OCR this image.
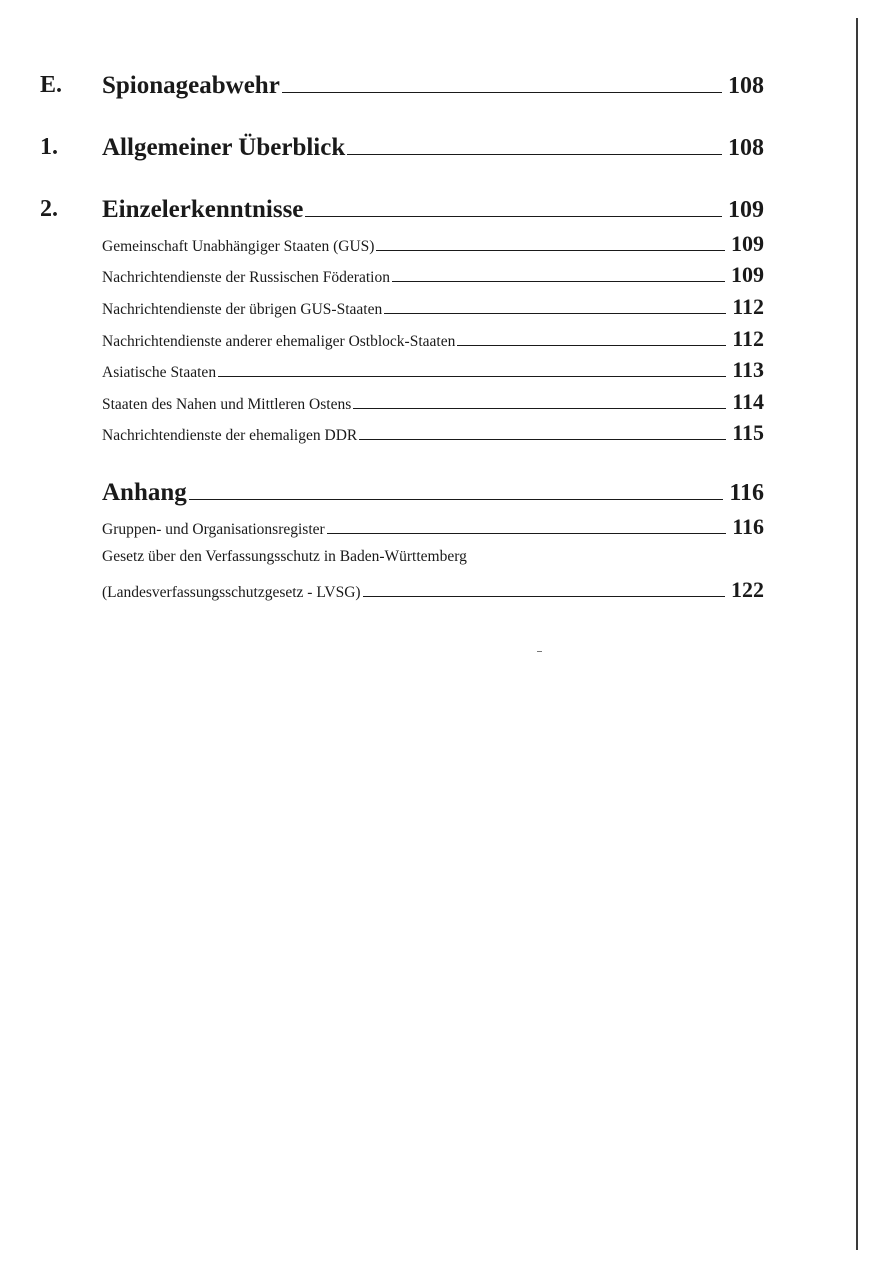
E. Spionageabwehr	108
1. Allgemeiner Überblick	108
2. Einzelerkenntnisse	109
Gemeinschaft Unabhängiger Staaten (GUS)	109
Nachrichtendienste der Russischen Föderation	109
Nachrichtendienste der übrigen GUS-Staaten	112
Nachrichtendienste anderer ehemaliger Ostblock-Staaten	112
Asiatische Staaten	113
Staaten des Nahen und Mittleren Ostens	114
Nachrichtendienste der ehemaligen DDR	115
Anhang	116
Gruppen- und Organisationsregister	116
Gesetz über den Verfassungsschutz in Baden-Württemberg
(Landesverfassungsschutzgesetz - LVSG)	122
